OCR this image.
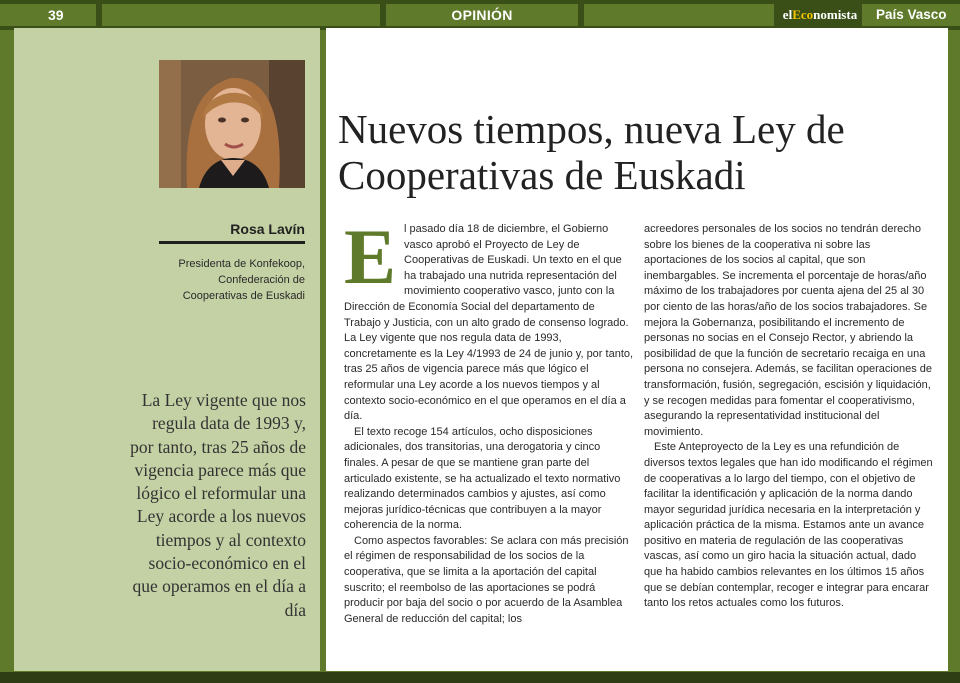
39	OPINIÓN	elEconomista	País Vasco
Rosa Lavín
Presidenta de Konfekoop, Confederación de Cooperativas de Euskadi
La Ley vigente que nos regula data de 1993 y, por tanto, tras 25 años de vigencia parece más que lógico el reformular una Ley acorde a los nuevos tiempos y al contexto socio-económico en el que operamos en el día a día
Nuevos tiempos, nueva Ley de Cooperativas de Euskadi
E l pasado día 18 de diciembre, el Gobierno vasco aprobó el Proyecto de Ley de Cooperativas de Euskadi. Un texto en el que ha trabajado una nutrida representación del movimiento cooperativo vasco, junto con la Dirección de Economía Social del departamento de Trabajo y Justicia, con un alto grado de consenso logrado. La Ley vigente que nos regula data de 1993, concretamente es la Ley 4/1993 de 24 de junio y, por tanto, tras 25 años de vigencia parece más que lógico el reformular una Ley acorde a los nuevos tiempos y al contexto socio-económico en el que operamos en el día a día.

El texto recoge 154 artículos, ocho disposiciones adicionales, dos transitorias, una derogatoria y cinco finales. A pesar de que se mantiene gran parte del articulado existente, se ha actualizado el texto normativo realizando determinados cambios y ajustes, así como mejoras jurídico-técnicas que contribuyen a la mayor coherencia de la norma.

Como aspectos favorables: Se aclara con más precisión el régimen de responsabilidad de los socios de la cooperativa, que se limita a la aportación del capital suscrito; el reembolso de las aportaciones se podrá producir por baja del socio o por acuerdo de la Asamblea General de reducción del capital; los

acreedores personales de los socios no tendrán derecho sobre los bienes de la cooperativa ni sobre las aportaciones de los socios al capital, que son inembargables. Se incrementa el porcentaje de horas/año máximo de los trabajadores por cuenta ajena del 25 al 30 por ciento de las horas/año de los socios trabajadores. Se mejora la Gobernanza, posibilitando el incremento de personas no socias en el Consejo Rector, y abriendo la posibilidad de que la función de secretario recaiga en una persona no consejera. Además, se facilitan operaciones de transformación, fusión, segregación, escisión y liquidación, y se recogen medidas para fomentar el cooperativismo, asegurando la representatividad institucional del movimiento.

Este Anteproyecto de la Ley es una refundición de diversos textos legales que han ido modificando el régimen de cooperativas a lo largo del tiempo, con el objetivo de facilitar la identificación y aplicación de la norma dando mayor seguridad jurídica necesaria en la interpretación y aplicación práctica de la misma. Estamos ante un avance positivo en materia de regulación de las cooperativas vascas, así como un giro hacia la situación actual, dado que ha habido cambios relevantes en los últimos 15 años que se debían contemplar, recoger e integrar para encarar tanto los retos actuales como los futuros.
